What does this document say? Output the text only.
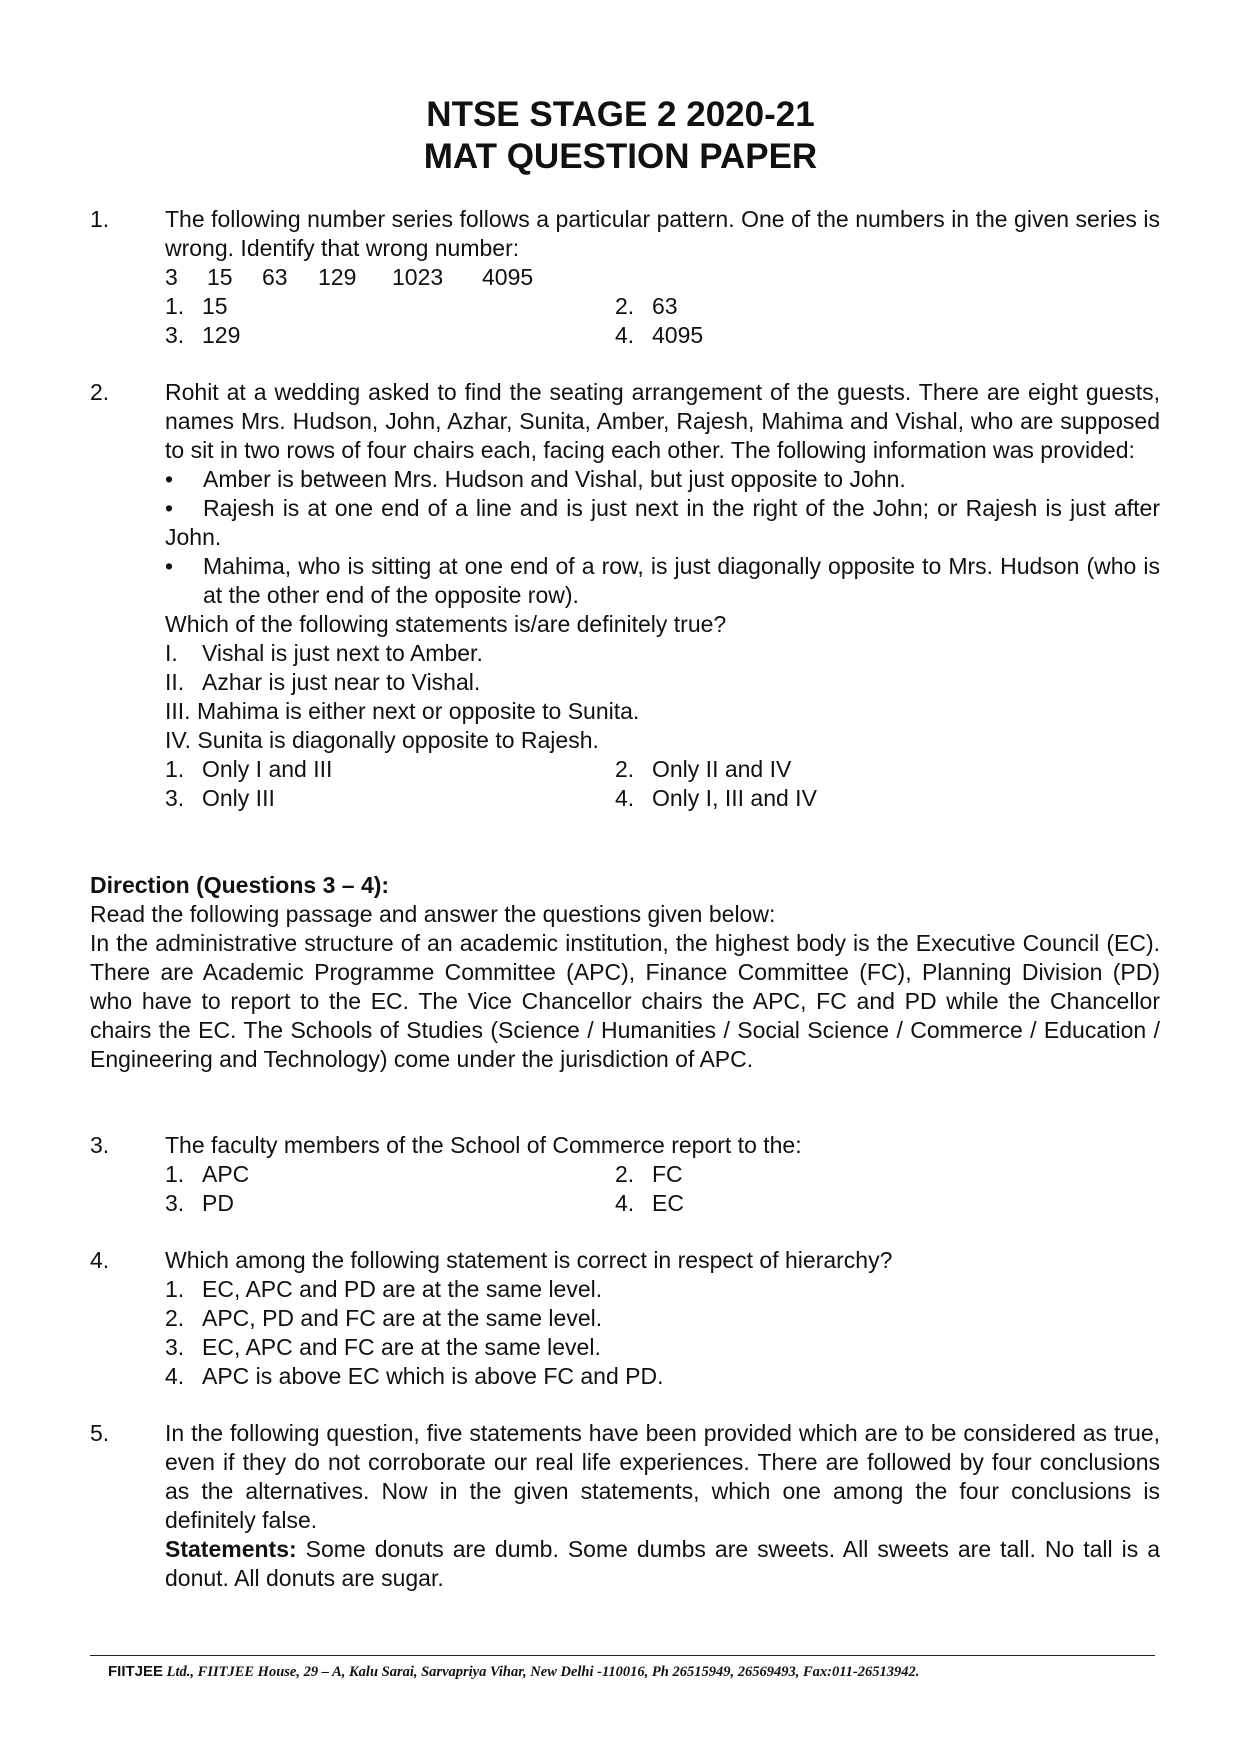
NTSE STAGE 2 2020-21
MAT QUESTION PAPER
1. The following number series follows a particular pattern. One of the numbers in the given series is wrong. Identify that wrong number:
3	15	63	129	1023	4095
1. 15	2. 63
3. 129	4. 4095
2. Rohit at a wedding asked to find the seating arrangement of the guests. There are eight guests, names Mrs. Hudson, John, Azhar, Sunita, Amber, Rajesh, Mahima and Vishal, who are supposed to sit in two rows of four chairs each, facing each other. The following information was provided:
•	Amber is between Mrs. Hudson and Vishal, but just opposite to John.
• Rajesh is at one end of a line and is just next in the right of the John; or Rajesh is just after John.
•	Mahima, who is sitting at one end of a row, is just diagonally opposite to Mrs. Hudson (who is at the other end of the opposite row).
Which of the following statements is/are definitely true?
I.	Vishal is just next to Amber.
II. Azhar is just near to Vishal.
III. Mahima is either next or opposite to Sunita.
IV. Sunita is diagonally opposite to Rajesh.
1. Only I and III	2. Only II and IV
3. Only III	4. Only I, III and IV
Direction (Questions 3 – 4):
Read the following passage and answer the questions given below:
In the administrative structure of an academic institution, the highest body is the Executive Council (EC). There are Academic Programme Committee (APC), Finance Committee (FC), Planning Division (PD) who have to report to the EC. The Vice Chancellor chairs the APC, FC and PD while the Chancellor chairs the EC. The Schools of Studies (Science / Humanities / Social Science / Commerce / Education / Engineering and Technology) come under the jurisdiction of APC.
3. The faculty members of the School of Commerce report to the:
1. APC	2. FC
3. PD	4. EC
4. Which among the following statement is correct in respect of hierarchy?
1. EC, APC and PD are at the same level.
2. APC, PD and FC are at the same level.
3. EC, APC and FC are at the same level.
4. APC is above EC which is above FC and PD.
5. In the following question, five statements have been provided which are to be considered as true, even if they do not corroborate our real life experiences. There are followed by four conclusions as the alternatives. Now in the given statements, which one among the four conclusions is definitely false.
Statements: Some donuts are dumb. Some dumbs are sweets. All sweets are tall. No tall is a donut. All donuts are sugar.
FIITJEE Ltd., FIITJEE House, 29 – A, Kalu Sarai, Sarvapriya Vihar, New Delhi -110016, Ph 26515949, 26569493, Fax:011-26513942.
